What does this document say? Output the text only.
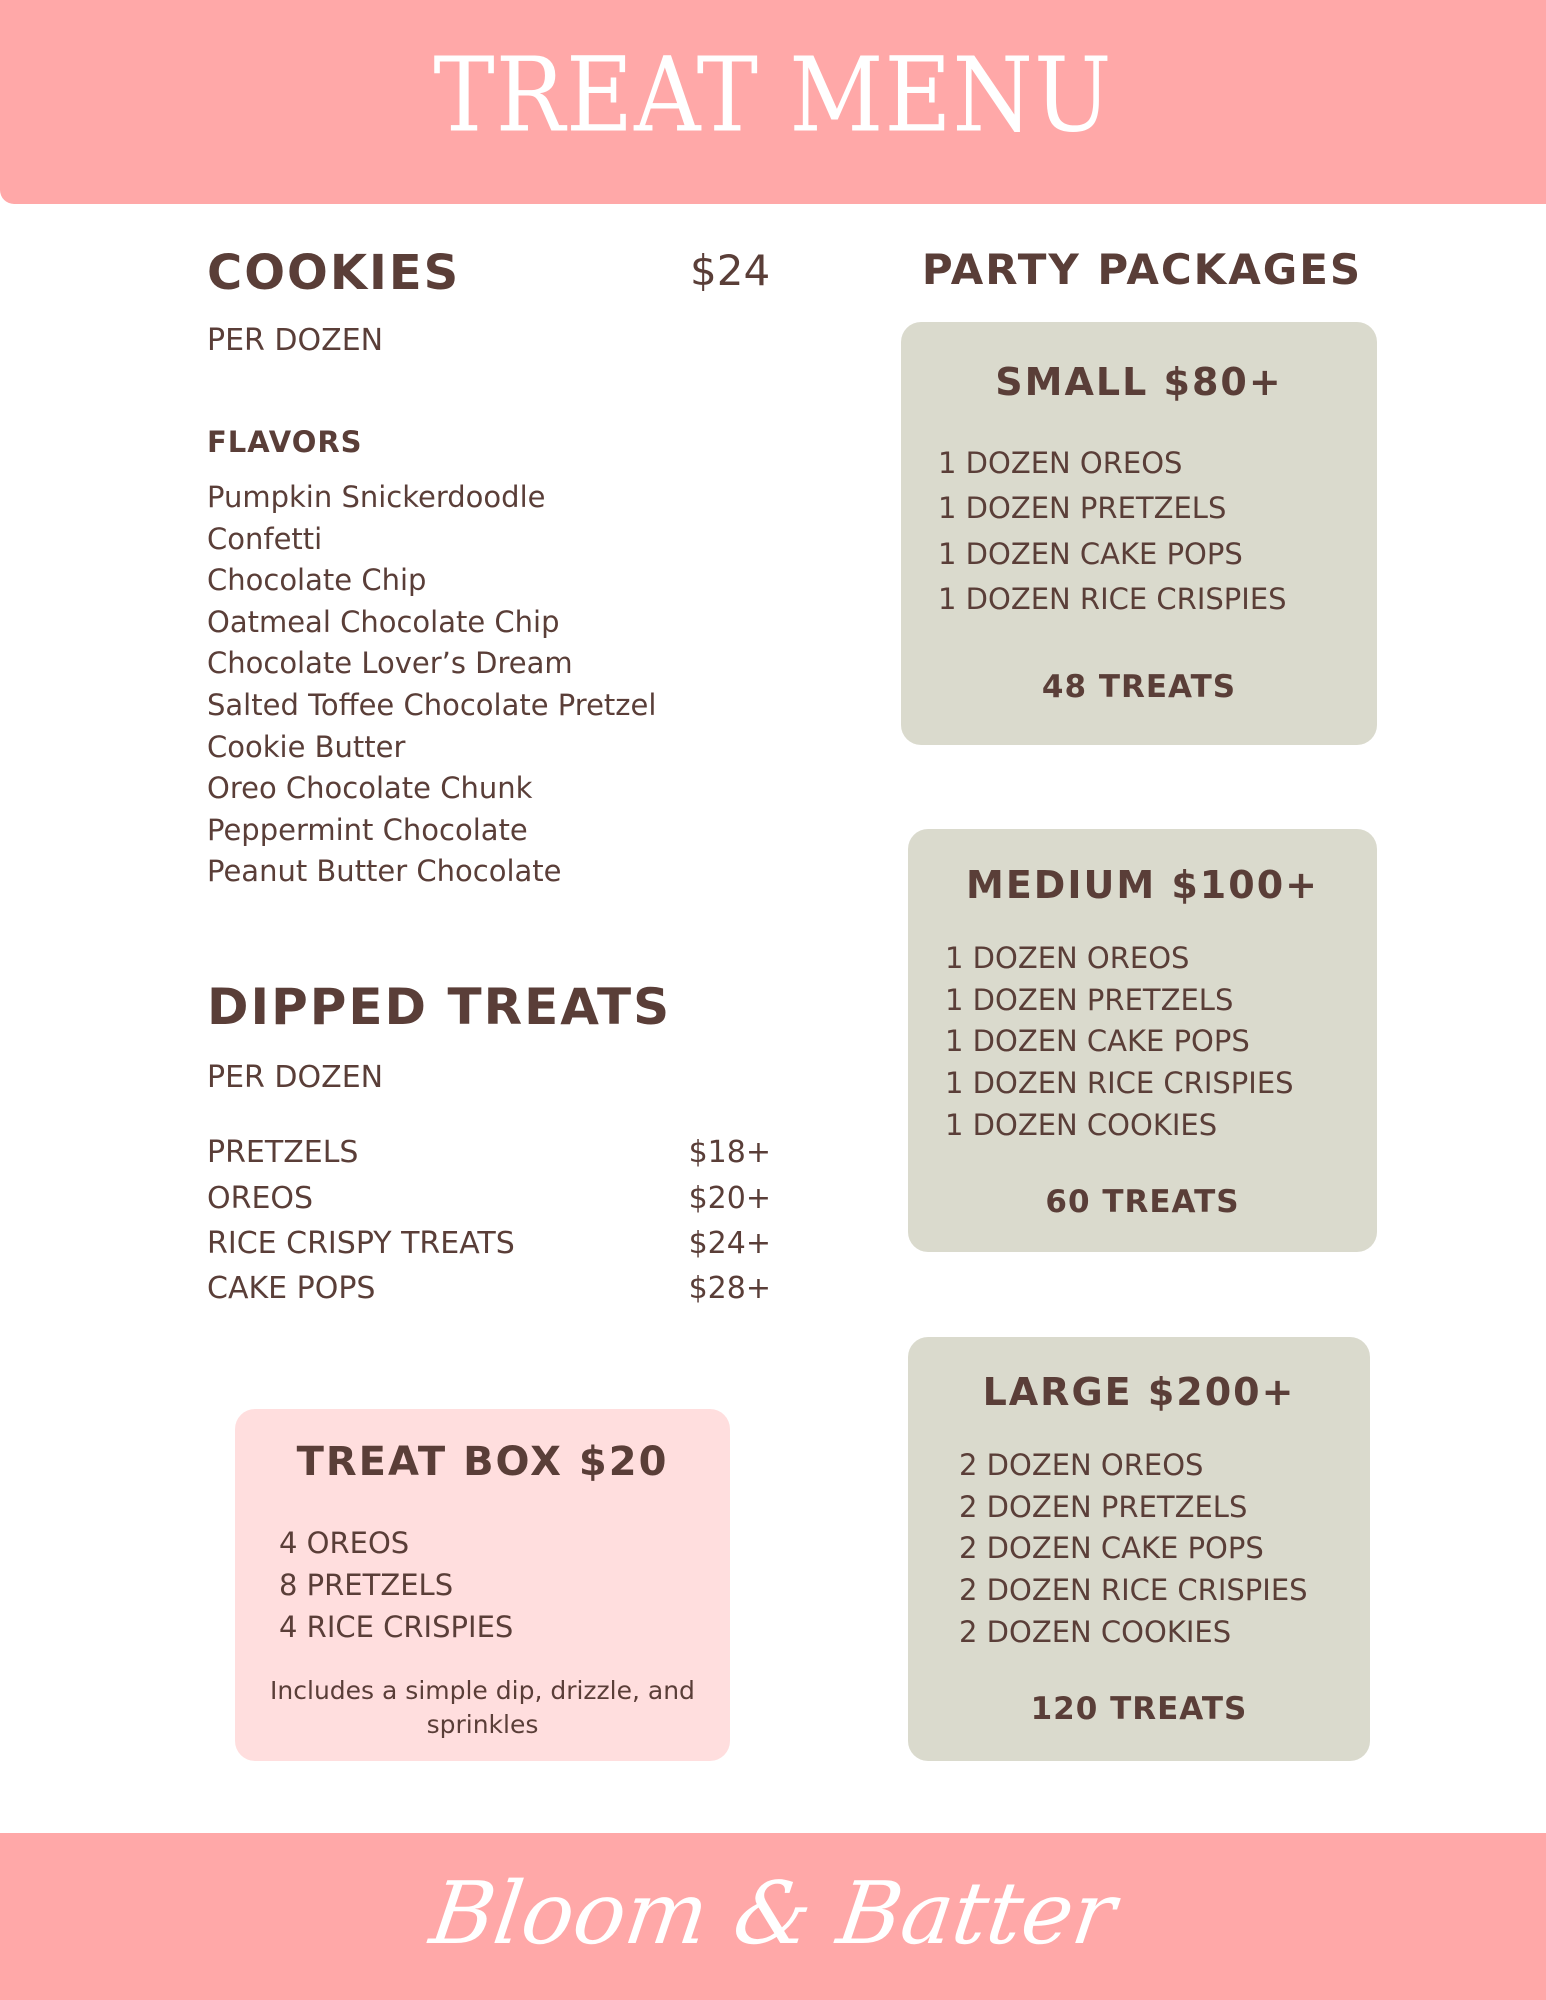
TREAT MENU
COOKIES	$24
PER DOZEN
FLAVORS
Pumpkin Snickerdoodle
Confetti
Chocolate Chip
Oatmeal Chocolate Chip
Chocolate Lover’s Dream
Salted Toffee Chocolate Pretzel
Cookie Butter
Oreo Chocolate Chunk
Peppermint Chocolate
Peanut Butter Chocolate
DIPPED TREATS
PER DOZEN
PRETZELS	$18+
OREOS	$20+
RICE CRISPY TREATS	$24+
CAKE POPS	$28+
TREAT BOX $20
4 OREOS
8 PRETZELS
4 RICE CRISPIES
Includes a simple dip, drizzle, and sprinkles
PARTY PACKAGES
SMALL $80+
1 DOZEN OREOS
1 DOZEN PRETZELS
1 DOZEN CAKE POPS
1 DOZEN RICE CRISPIES
48 TREATS
MEDIUM $100+
1 DOZEN OREOS
1 DOZEN PRETZELS
1 DOZEN CAKE POPS
1 DOZEN RICE CRISPIES
1 DOZEN COOKIES
60 TREATS
LARGE $200+
2 DOZEN OREOS
2 DOZEN PRETZELS
2 DOZEN CAKE POPS
2 DOZEN RICE CRISPIES
2 DOZEN COOKIES
120 TREATS
Bloom & Batter
